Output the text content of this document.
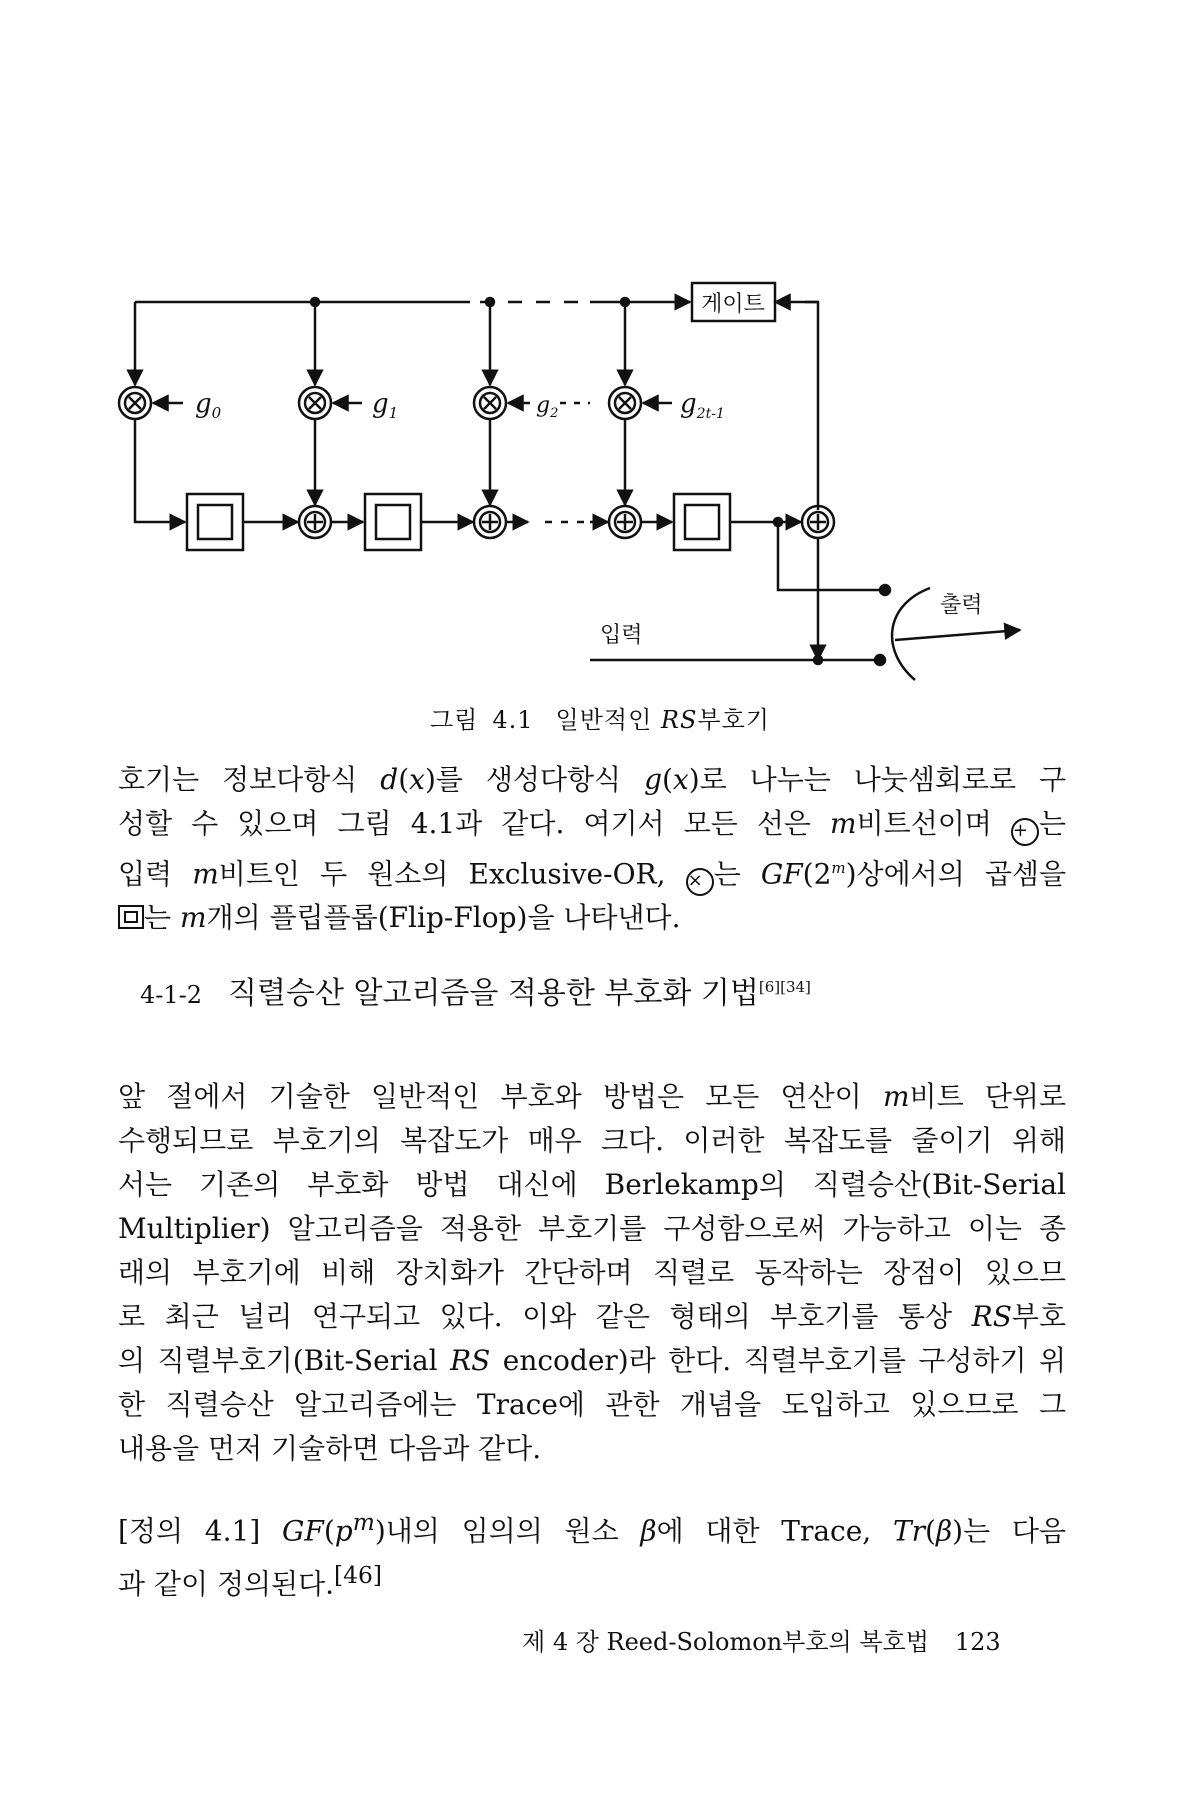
게이트
$g_0$	$g_1$	$g_2$	$g_{2t-1}$
출력
입력
그림 4.1 일반적인 RS부호기
호기는 정보다항식 d(x)를 생성다항식 g(x)로 나누는 나눗셈회로로 구
성할 수 있으며 그림 4.1과 같다. 여기서 모든 선은 m비트선이며 + 는
입력 m비트인 두 원소의 Exclusive-OR, × 는 GF(2$^m$)상에서의 곱셈을
는 m개의 플립플롭(Flip-Flop)을 나타낸다.
4-1-2 직렬승산 알고리즘을 적용한 부호화 기법[6][34]
앞 절에서 기술한 일반적인 부호와 방법은 모든 연산이 m비트 단위로
수행되므로 부호기의 복잡도가 매우 크다. 이러한 복잡도를 줄이기 위해
서는 기존의 부호화 방법 대신에 Berlekamp의 직렬승산(Bit-Serial
Multiplier) 알고리즘을 적용한 부호기를 구성함으로써 가능하고 이는 종
래의 부호기에 비해 장치화가 간단하며 직렬로 동작하는 장점이 있으므
로 최근 널리 연구되고 있다. 이와 같은 형태의 부호기를 통상 RS부호
의 직렬부호기(Bit-Serial RS encoder)라 한다. 직렬부호기를 구성하기 위
한 직렬승산 알고리즘에는 Trace에 관한 개념을 도입하고 있으므로 그
내용을 먼저 기술하면 다음과 같다.
[정의 4.1] $GF(p^m)$내의 임의의 원소 β에 대한 Trace, Tr(β)는 다음
과 같이 정의된다.[46]
제 4 장 Reed-Solomon부호의 복호법 123
